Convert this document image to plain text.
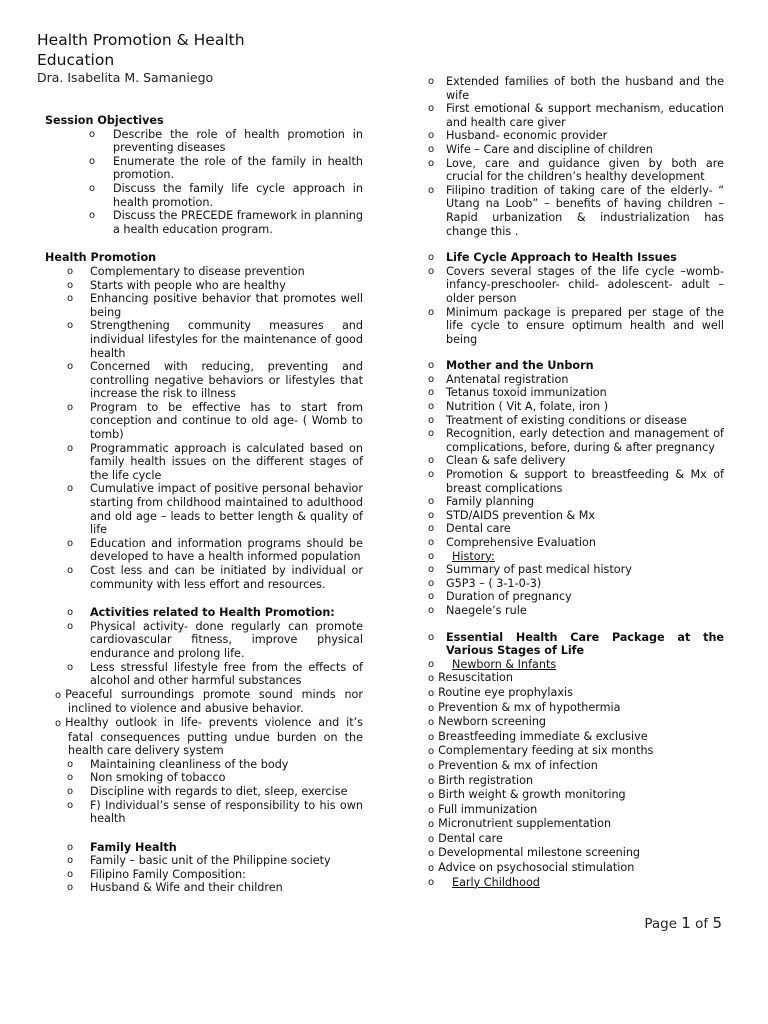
Health Promotion & Health
Education
Dra. Isabelita M. Samaniego

Session Objectives

o Describe the role of health promotion in preventing diseases
o Enumerate the role of the family in health promotion.
o Discuss the family life cycle approach in health promotion.
o Discuss the PRECEDE framework in planning a health education program.

Health Promotion

o Complementary to disease prevention
o Starts with people who are healthy
o Enhancing positive behavior that promotes well being
o Strengthening community measures and individual lifestyles for the maintenance of good health
o Concerned with reducing, preventing and controlling negative behaviors or lifestyles that increase the risk to illness
o Program to be effective has to start from conception and continue to old age- ( Womb to tomb)
o Programmatic approach is calculated based on family health issues on the different stages of the life cycle
o Cumulative impact of positive personal behavior starting from childhood maintained to adulthood and old age – leads to better length & quality of life
o Education and information programs should be developed to have a health informed population
o Cost less and can be initiated by individual or community with less effort and resources.
o Activities related to Health Promotion:
o Physical activity- done regularly can promote cardiovascular fitness, improve physical endurance and prolong life.
o Less stressful lifestyle free from the effects of alcohol and other harmful substances
o Peaceful surroundings promote sound minds nor inclined to violence and abusive behavior.
o Healthy outlook in life- prevents violence and it’s fatal consequences putting undue burden on the health care delivery system
o Maintaining cleanliness of the body
o Non smoking of tobacco
o Discipline with regards to diet, sleep, exercise
o F) Individual’s sense of responsibility to his own health
o Family Health
o Family – basic unit of the Philippine society
o Filipino Family Composition:
o Husband & Wife and their children
o Extended families of both the husband and the wife
o First emotional & support mechanism, education and health care giver
o Husband- economic provider
o Wife – Care and discipline of children
o Love, care and guidance given by both are crucial for the children’s healthy development
o Filipino tradition of taking care of the elderly- “ Utang na Loob” – benefits of having children – Rapid urbanization & industrialization has change this .
o Life Cycle Approach to Health Issues
o Covers several stages of the life cycle –womb-infancy-preschooler- child- adolescent- adult – older person
o Minimum package is prepared per stage of the life cycle to ensure optimum health and well being
o Mother and the Unborn
o Antenatal registration
o Tetanus toxoid immunization
o Nutrition ( Vit A, folate, iron )
o Treatment of existing conditions or disease
o Recognition, early detection and management of complications, before, during & after pregnancy
o Clean & safe delivery
o Promotion & support to breastfeeding & Mx of breast complications
o Family planning
o STD/AIDS prevention & Mx
o Dental care
o Comprehensive Evaluation
o History:
o Summary of past medical history
o G5P3 – ( 3-1-0-3)
o Duration of pregnancy
o Naegele’s rule
o Essential Health Care Package at the Various Stages of Life
o Newborn & Infants
o Resuscitation
o Routine eye prophylaxis
o Prevention & mx of hypothermia
o Newborn screening
o Breastfeeding immediate & exclusive
o Complementary feeding at six months
o Prevention & mx of infection
o Birth registration
o Birth weight & growth monitoring
o Full immunization
o Micronutrient supplementation
o Dental care
o Developmental milestone screening
o Advice on psychosocial stimulation
o Early Childhood
Page 1 of 5
